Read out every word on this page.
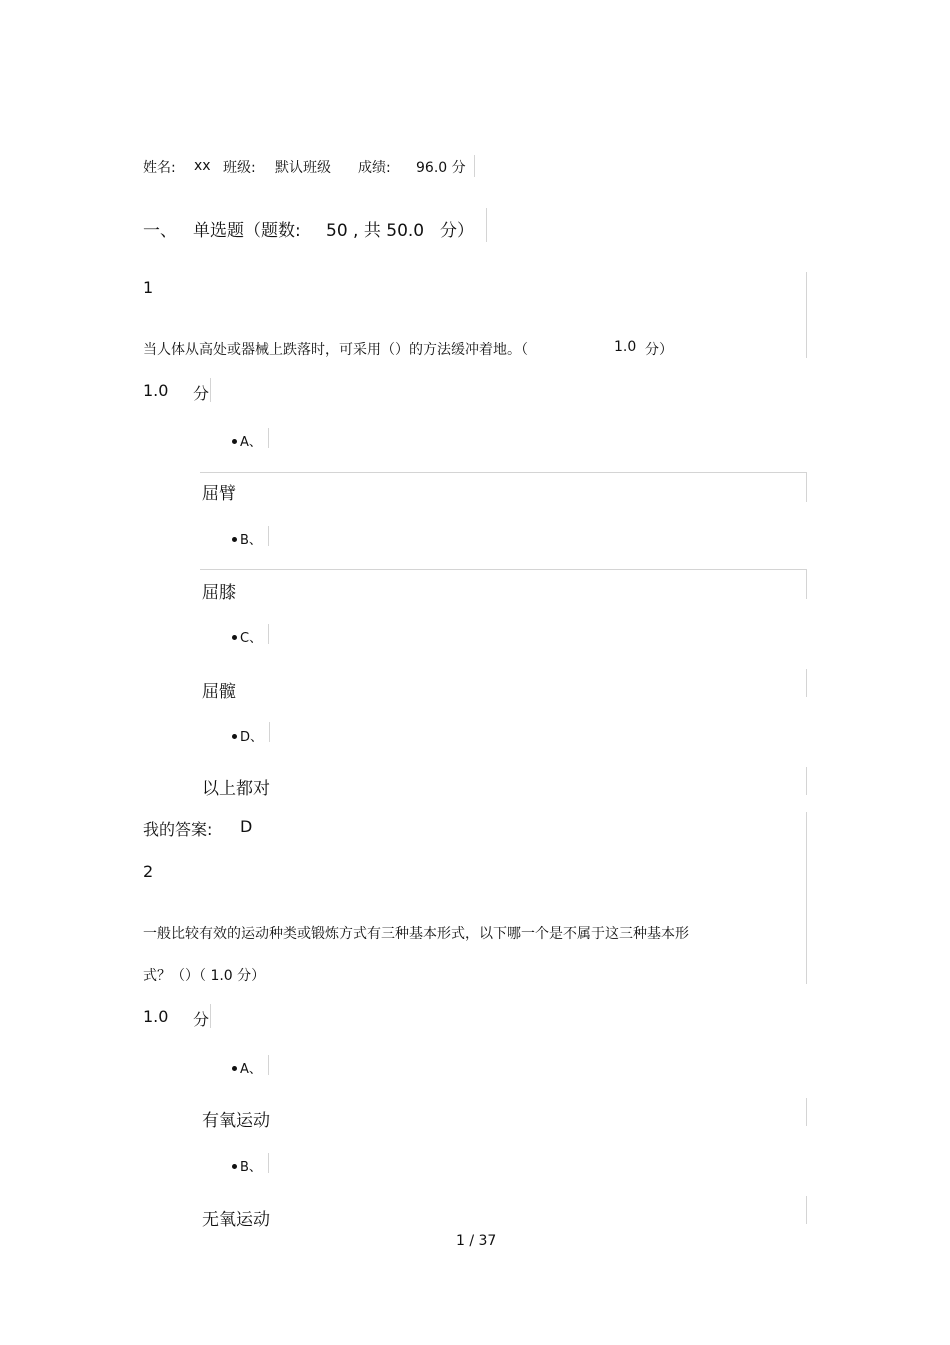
姓名: xx 班级: 默认班级 成绩: 96.0 分
一、 单选题（题数: 50 , 共 50.0 分）
1
当人体从高处或器械上跌落时，可采用（）的方法缓冲着地。（	1.0 分）
1.0 分
A、
屈臂
B、
屈膝
C、
屈髋
D、
以上都对
我的答案: D
2
一般比较有效的运动种类或锻炼方式有三种基本形式，以下哪一个是不属于这三种基本形
式？（）（ 1.0 分）
1.0 分
A、
有氧运动
B、
无氧运动
1 / 37
